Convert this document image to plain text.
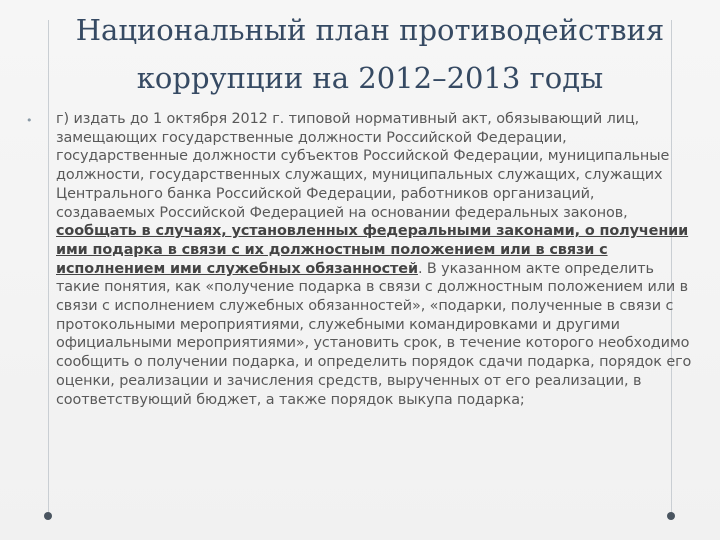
Национальный план противодействия
коррупции на 2012–2013 годы
• г) издать до 1 октября 2012 г. типовой нормативный акт, обязывающий лиц, замещающих государственные должности Российской Федерации, государственные должности субъектов Российской Федерации, муниципальные должности, государственных служащих, муниципальных служащих, служащих Центрального банка Российской Федерации, работников организаций, создаваемых Российской Федерацией на основании федеральных законов, сообщать в случаях, установленных федеральными законами, о получении ими подарка в связи с их должностным положением или в связи с исполнением ими служебных обязанностей. В указанном акте определить такие понятия, как «получение подарка в связи с должностным положением или в связи с исполнением служебных обязанностей», «подарки, полученные в связи с протокольными мероприятиями, служебными командировками и другими официальными мероприятиями», установить срок, в течение которого необходимо сообщить о получении подарка, и определить порядок сдачи подарка, порядок его оценки, реализации и зачисления средств, вырученных от его реализации, в соответствующий бюджет, а также порядок выкупа подарка;
